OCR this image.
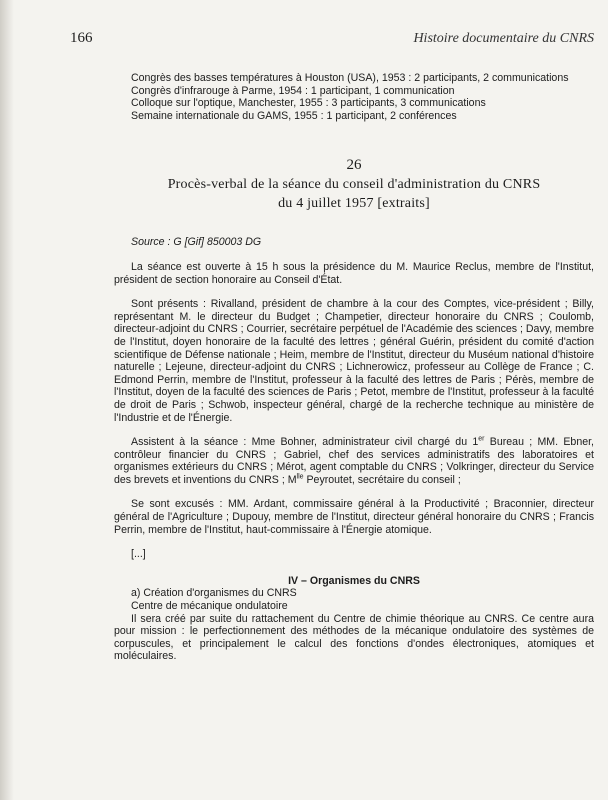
166	Histoire documentaire du CNRS

Congrès des basses températures à Houston (USA), 1953 : 2 participants, 2 communications

Congrès d'infrarouge à Parme, 1954 : 1 participant, 1 communication

Colloque sur l'optique, Manchester, 1955 : 3 participants, 3 communications

Semaine internationale du GAMS, 1955 : 1 participant, 2 conférences

26
Procès-verbal de la séance du conseil d'administration du CNRS
du 4 juillet 1957 [extraits]

Source : G [Gif] 850003 DG

La séance est ouverte à 15 h sous la présidence du M. Maurice Reclus, membre de l'Institut, président de section honoraire au Conseil d'État.

Sont présents : Rivalland, président de chambre à la cour des Comptes, vice-président ; Billy, représentant M. le directeur du Budget ; Champetier, directeur honoraire du CNRS ; Coulomb, directeur-adjoint du CNRS ; Courrier, secrétaire perpétuel de l'Académie des sciences ; Davy, membre de l'Institut, doyen honoraire de la faculté des lettres ; général Guérin, président du comité d'action scientifique de Défense nationale ; Heim, membre de l'Institut, directeur du Muséum national d'histoire naturelle ; Lejeune, directeur-adjoint du CNRS ; Lichnerowicz, professeur au Collège de France ; C. Edmond Perrin, membre de l'Institut, professeur à la faculté des lettres de Paris ; Pérès, membre de l'Institut, doyen de la faculté des sciences de Paris ; Petot, membre de l'Institut, professeur à la faculté de droit de Paris ; Schwob, inspecteur général, chargé de la recherche technique au ministère de l'Industrie et de l'Énergie.

Assistent à la séance : Mme Bohner, administrateur civil chargé du 1er Bureau ; MM. Ebner, contrôleur financier du CNRS ; Gabriel, chef des services administratifs des laboratoires et organismes extérieurs du CNRS ; Mérot, agent comptable du CNRS ; Volkringer, directeur du Service des brevets et inventions du CNRS ; $M^{lle}$ Peyroutet, secrétaire du conseil ;

Se sont excusés : MM. Ardant, commissaire général à la Productivité ; Braconnier, directeur général de l'Agriculture ; Dupouy, membre de l'Institut, directeur général honoraire du CNRS ; Francis Perrin, membre de l'Institut, haut-commissaire à l'Énergie atomique.

[...]

IV – Organismes du CNRS

a) Création d'organismes du CNRS

Centre de mécanique ondulatoire

Il sera créé par suite du rattachement du Centre de chimie théorique au CNRS. Ce centre aura pour mission : le perfectionnement des méthodes de la mécanique ondulatoire des systèmes de corpuscules, et principalement le calcul des fonctions d'ondes électroniques, atomiques et moléculaires.
